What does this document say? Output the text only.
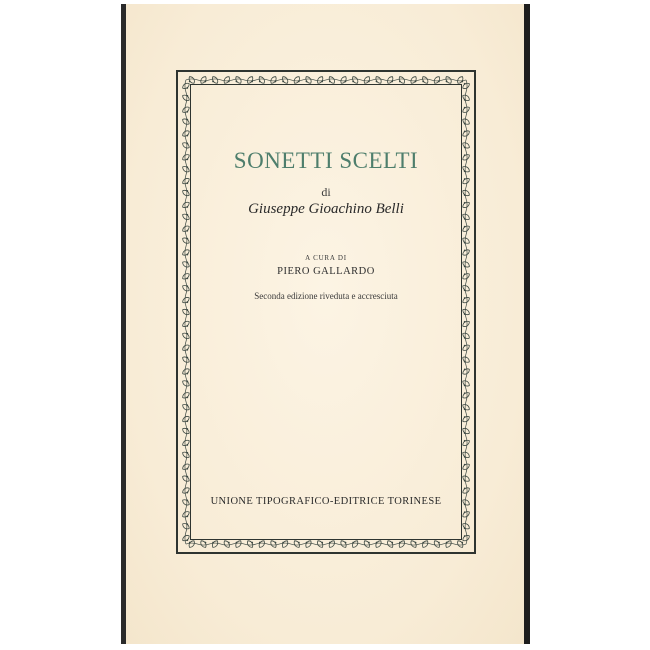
SONETTI SCELTI
di
Giuseppe Gioachino Belli
A CURA DI
PIERO GALLARDO
Seconda edizione riveduta e accresciuta
UNIONE TIPOGRAFICO-EDITRICE TORINESE
